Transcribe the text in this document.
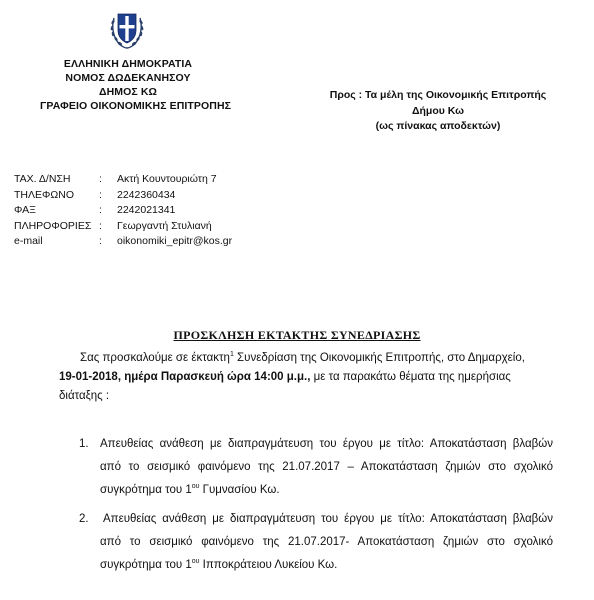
ΕΛΛΗΝΙΚΗ ΔΗΜΟΚΡΑΤΙΑ
ΝΟΜΟΣ ΔΩΔΕΚΑΝΗΣΟΥ
ΔΗΜΟΣ ΚΩ
ΓΡΑΦΕΙΟ ΟΙΚΟΝΟΜΙΚΗΣ ΕΠΙΤΡΟΠΗΣ
Προς : Τα μέλη της Οικονομικής Επιτροπής
Δήμου Κω
(ως πίνακας αποδεκτών)
ΤΑΧ. Δ/ΝΣΗ	: Ακτή Κουντουριώτη 7
ΤΗΛΕΦΩΝΟ : 2242360434
ΦΑΞ	: 2242021341
ΠΛΗΡΟΦΟΡΙΕΣ : Γεωργαντή Στυλιανή
e-mail	: oikonomiki_epitr@kos.gr
ΠΡΟΣΚΛΗΣΗ ΕΚΤΑΚΤΗΣ ΣΥΝΕΔΡΙΑΣΗΣ
Σας προσκαλούμε σε έκτακτη$^1$ Συνεδρίαση της Οικονομικής Επιτροπής, στο Δημαρχείο,
19-01-2018, ημέρα Παρασκευή ώρα 14:00 μ.μ., με τα παρακάτω θέματα της ημερήσιας
διάταξης :
1. Απευθείας ανάθεση με διαπραγμάτευση του έργου με τίτλο: Αποκατάσταση βλαβών
από το σεισμικό φαινόμενο της 21.07.2017 – Αποκατάσταση ζημιών στο σχολικό
συγκρότημα του $1^{o\upsilon}$ Γυμνασίου Κω.
2. Απευθείας ανάθεση με διαπραγμάτευση του έργου με τίτλο: Αποκατάσταση βλαβών
από το σεισμικό φαινόμενο της 21.07.2017- Αποκατάσταση ζημιών στο σχολικό
συγκρότημα του $1^{o\upsilon}$ Ιπποκράτειου Λυκείου Κω.
